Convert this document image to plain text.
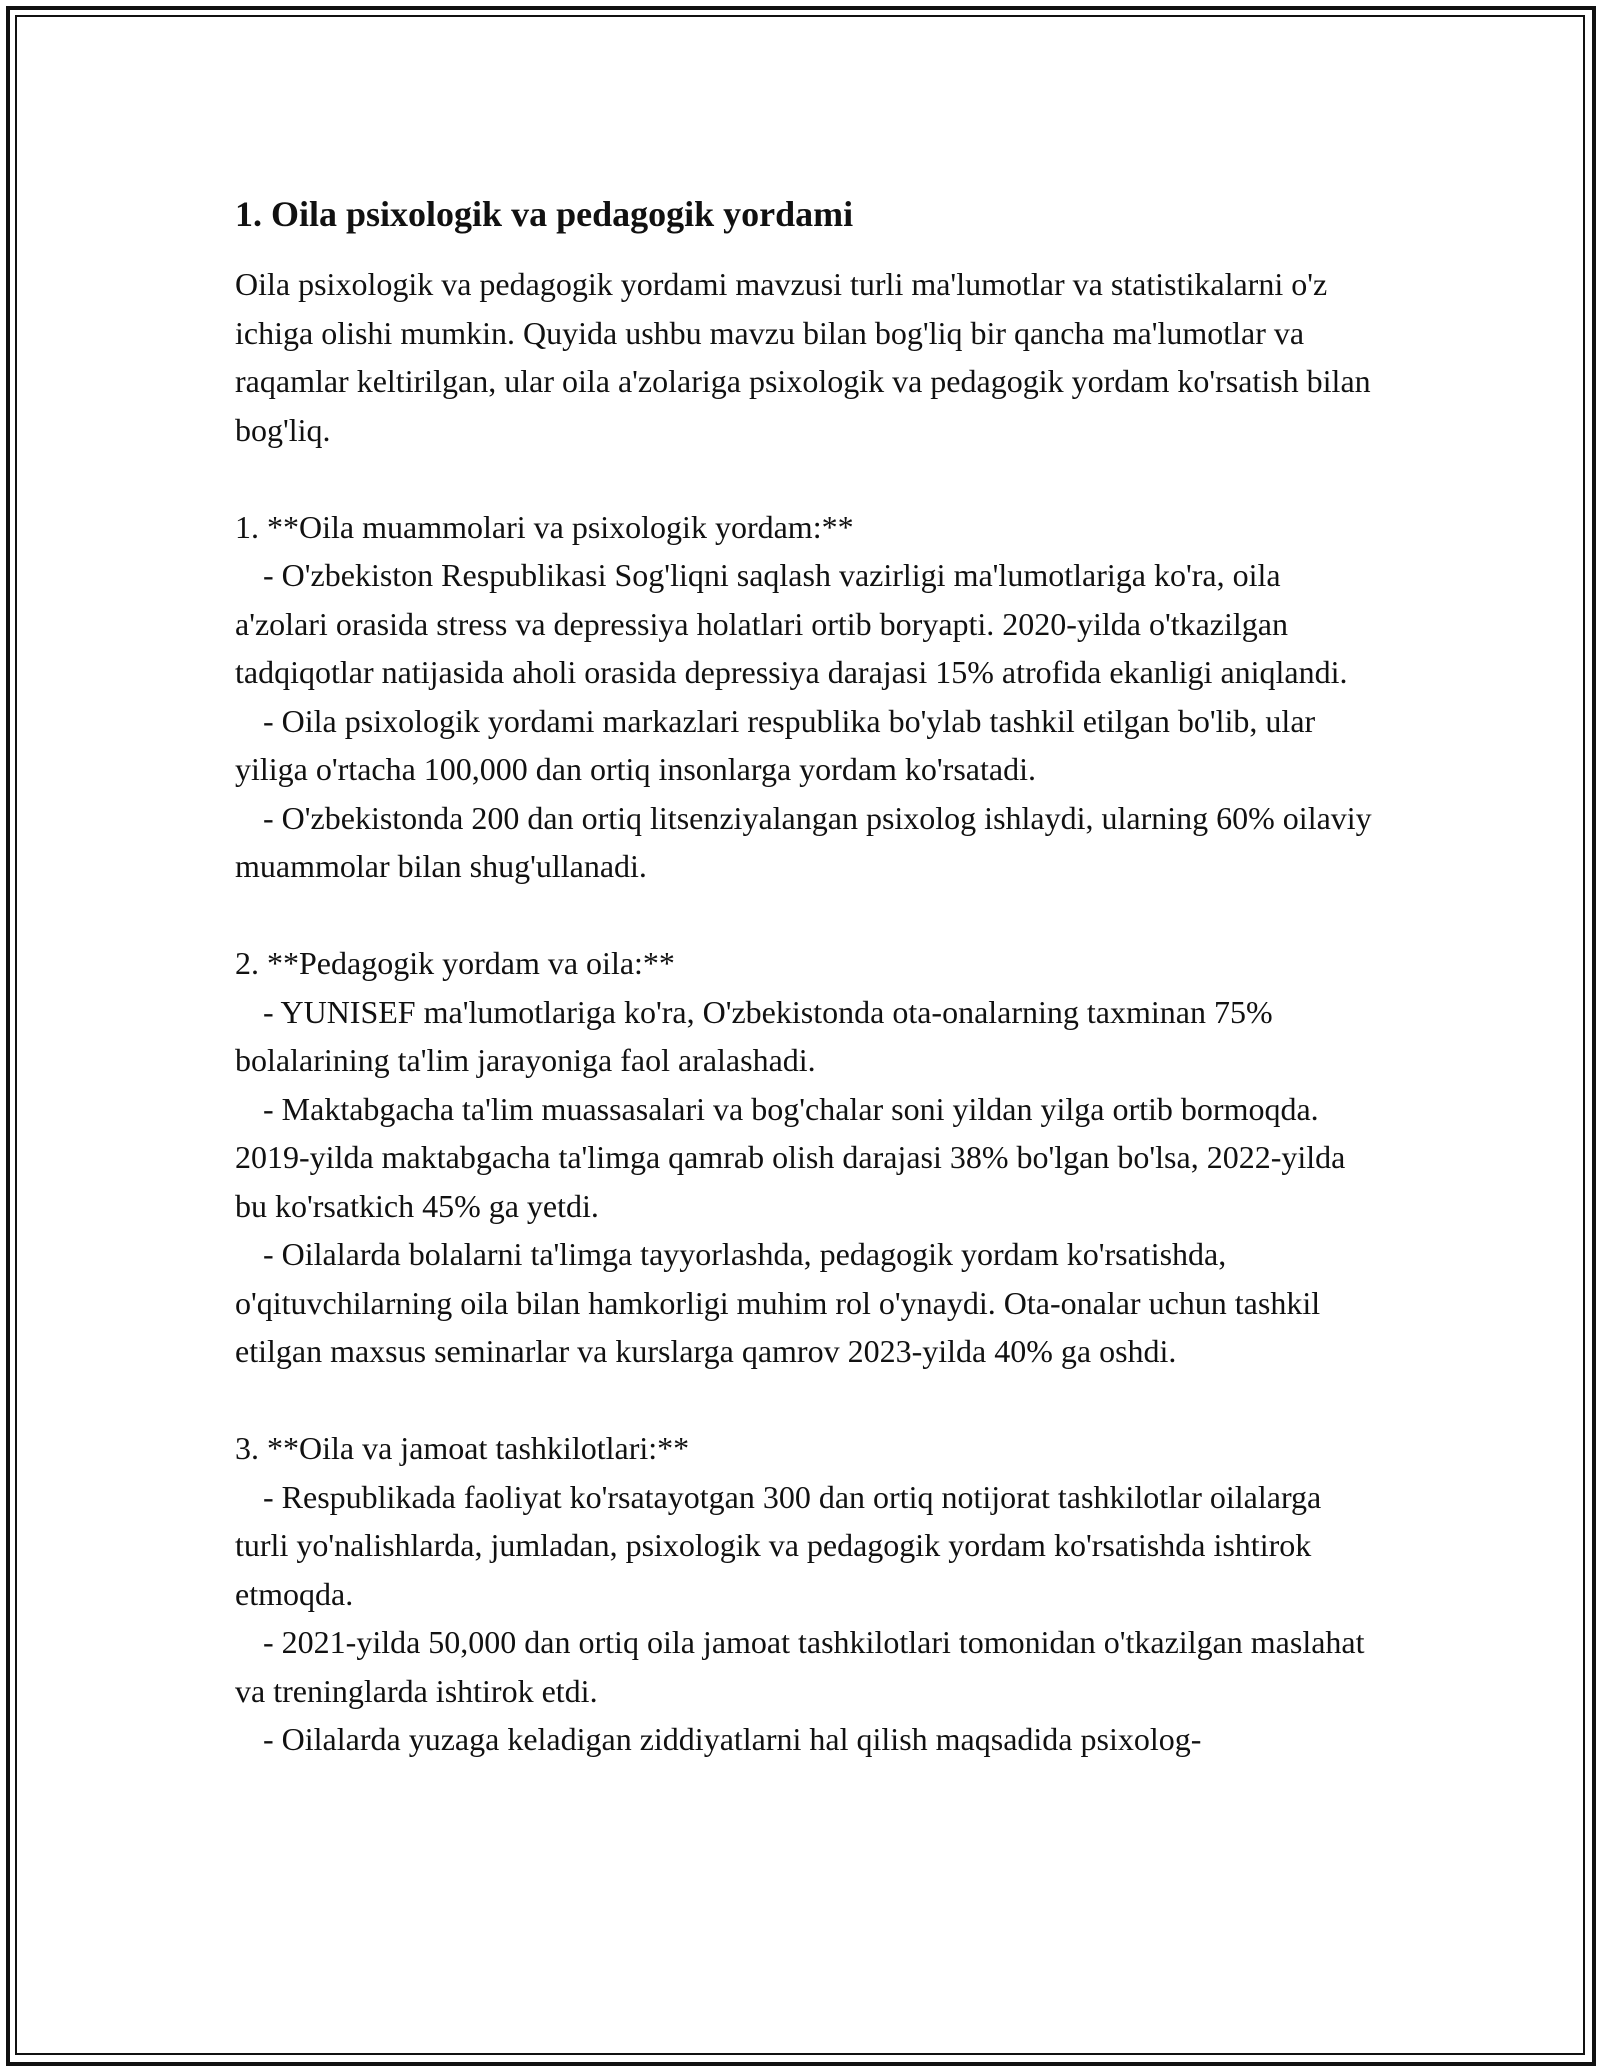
1. Oila psixologik va pedagogik yordami

Oila psixologik va pedagogik yordami mavzusi turli ma'lumotlar va statistikalarni o'z ichiga olishi mumkin. Quyida ushbu mavzu bilan bog'liq bir qancha ma'lumotlar va raqamlar keltirilgan, ular oila a'zolariga psixologik va pedagogik yordam ko'rsatish bilan bog'liq.

1. **Oila muammolari va psixologik yordam:**

- O'zbekiston Respublikasi Sog'liqni saqlash vazirligi ma'lumotlariga ko'ra, oila a'zolari orasida stress va depressiya holatlari ortib boryapti. 2020-yilda o'tkazilgan tadqiqotlar natijasida aholi orasida depressiya darajasi 15% atrofida ekanligi aniqlandi.

- Oila psixologik yordami markazlari respublika bo'ylab tashkil etilgan bo'lib, ular yiliga o'rtacha 100,000 dan ortiq insonlarga yordam ko'rsatadi.

- O'zbekistonda 200 dan ortiq litsenziyalangan psixolog ishlaydi, ularning 60% oilaviy muammolar bilan shug'ullanadi.

2. **Pedagogik yordam va oila:**

- YUNISEF ma'lumotlariga ko'ra, O'zbekistonda ota-onalarning taxminan 75% bolalarining ta'lim jarayoniga faol aralashadi.

- Maktabgacha ta'lim muassasalari va bog'chalar soni yildan yilga ortib bormoqda. 2019-yilda maktabgacha ta'limga qamrab olish darajasi 38% bo'lgan bo'lsa, 2022-yilda bu ko'rsatkich 45% ga yetdi.

- Oilalarda bolalarni ta'limga tayyorlashda, pedagogik yordam ko'rsatishda, o'qituvchilarning oila bilan hamkorligi muhim rol o'ynaydi. Ota-onalar uchun tashkil etilgan maxsus seminarlar va kurslarga qamrov 2023-yilda 40% ga oshdi.

3. **Oila va jamoat tashkilotlari:**

- Respublikada faoliyat ko'rsatayotgan 300 dan ortiq notijorat tashkilotlar oilalarga turli yo'nalishlarda, jumladan, psixologik va pedagogik yordam ko'rsatishda ishtirok etmoqda.

- 2021-yilda 50,000 dan ortiq oila jamoat tashkilotlari tomonidan o'tkazilgan maslahat va treninglarda ishtirok etdi.

- Oilalarda yuzaga keladigan ziddiyatlarni hal qilish maqsadida psixolog-
